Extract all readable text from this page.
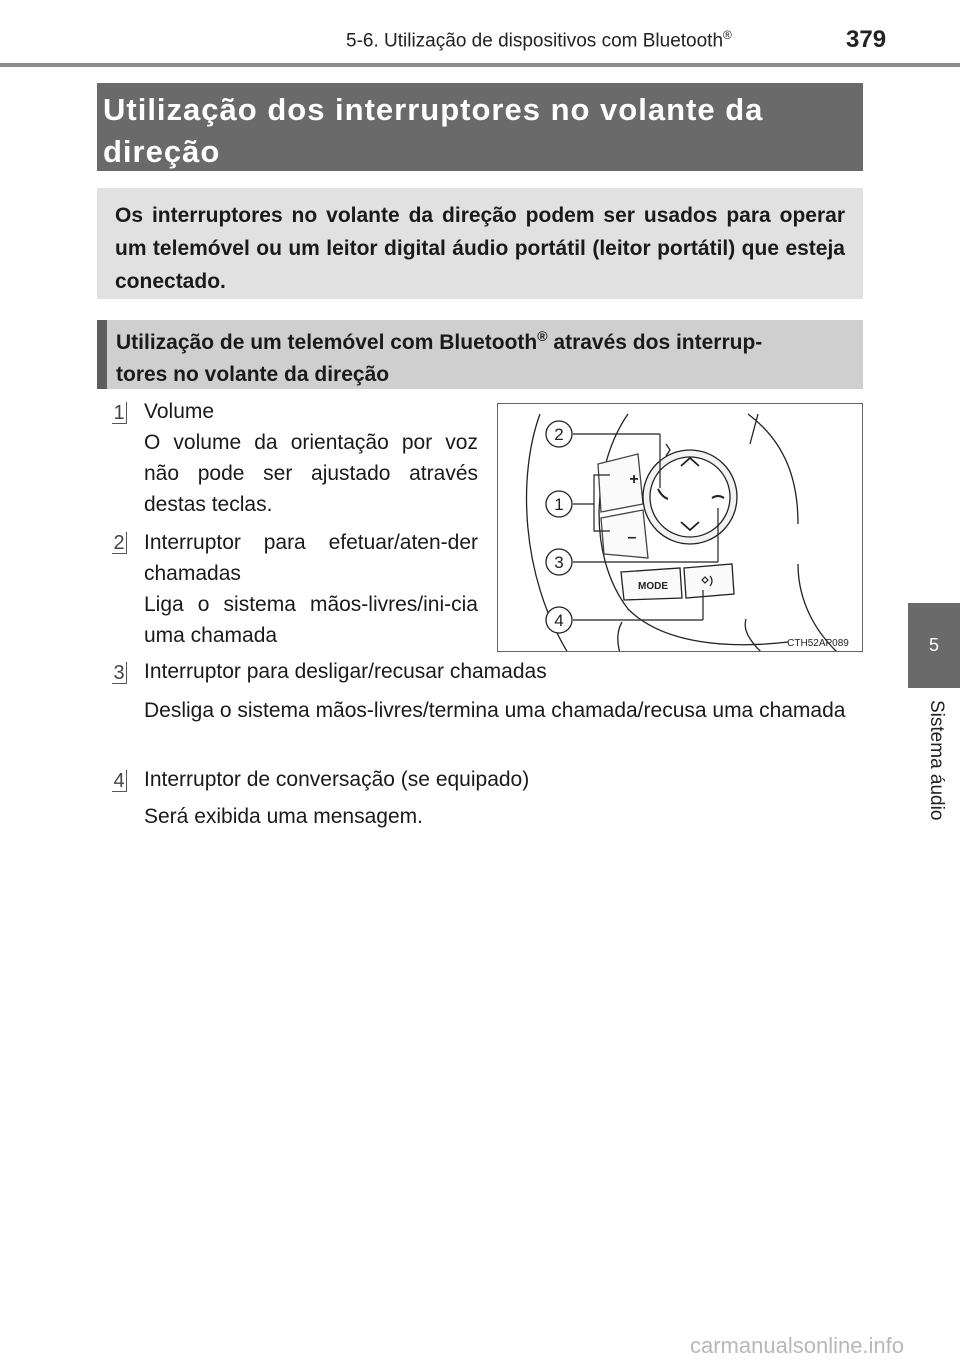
5-6. Utilização de dispositivos com Bluetooth®	379
Utilização dos interruptores no volante da
direção
Os interruptores no volante da direção podem ser usados para operar um telemóvel ou um leitor digital áudio portátil (leitor portátil) que esteja conectado.
Utilização de um telemóvel com Bluetooth® através dos interrup-
tores no volante da direção
1 Volume
O volume da orientação por voz não pode ser ajustado através destas teclas.
2 Interruptor para efetuar/aten-der chamadas
Liga o sistema mãos-livres/ini-cia uma chamada
3 Interruptor para desligar/recusar chamadas
Desliga o sistema mãos-livres/termina uma chamada/recusa uma chamada
4 Interruptor de conversação (se equipado)
Será exibida uma mensagem.
2
1
3
4
+
–
MODE
CTH52AP089	5
Sistema áudio
carmanualsonline.info
